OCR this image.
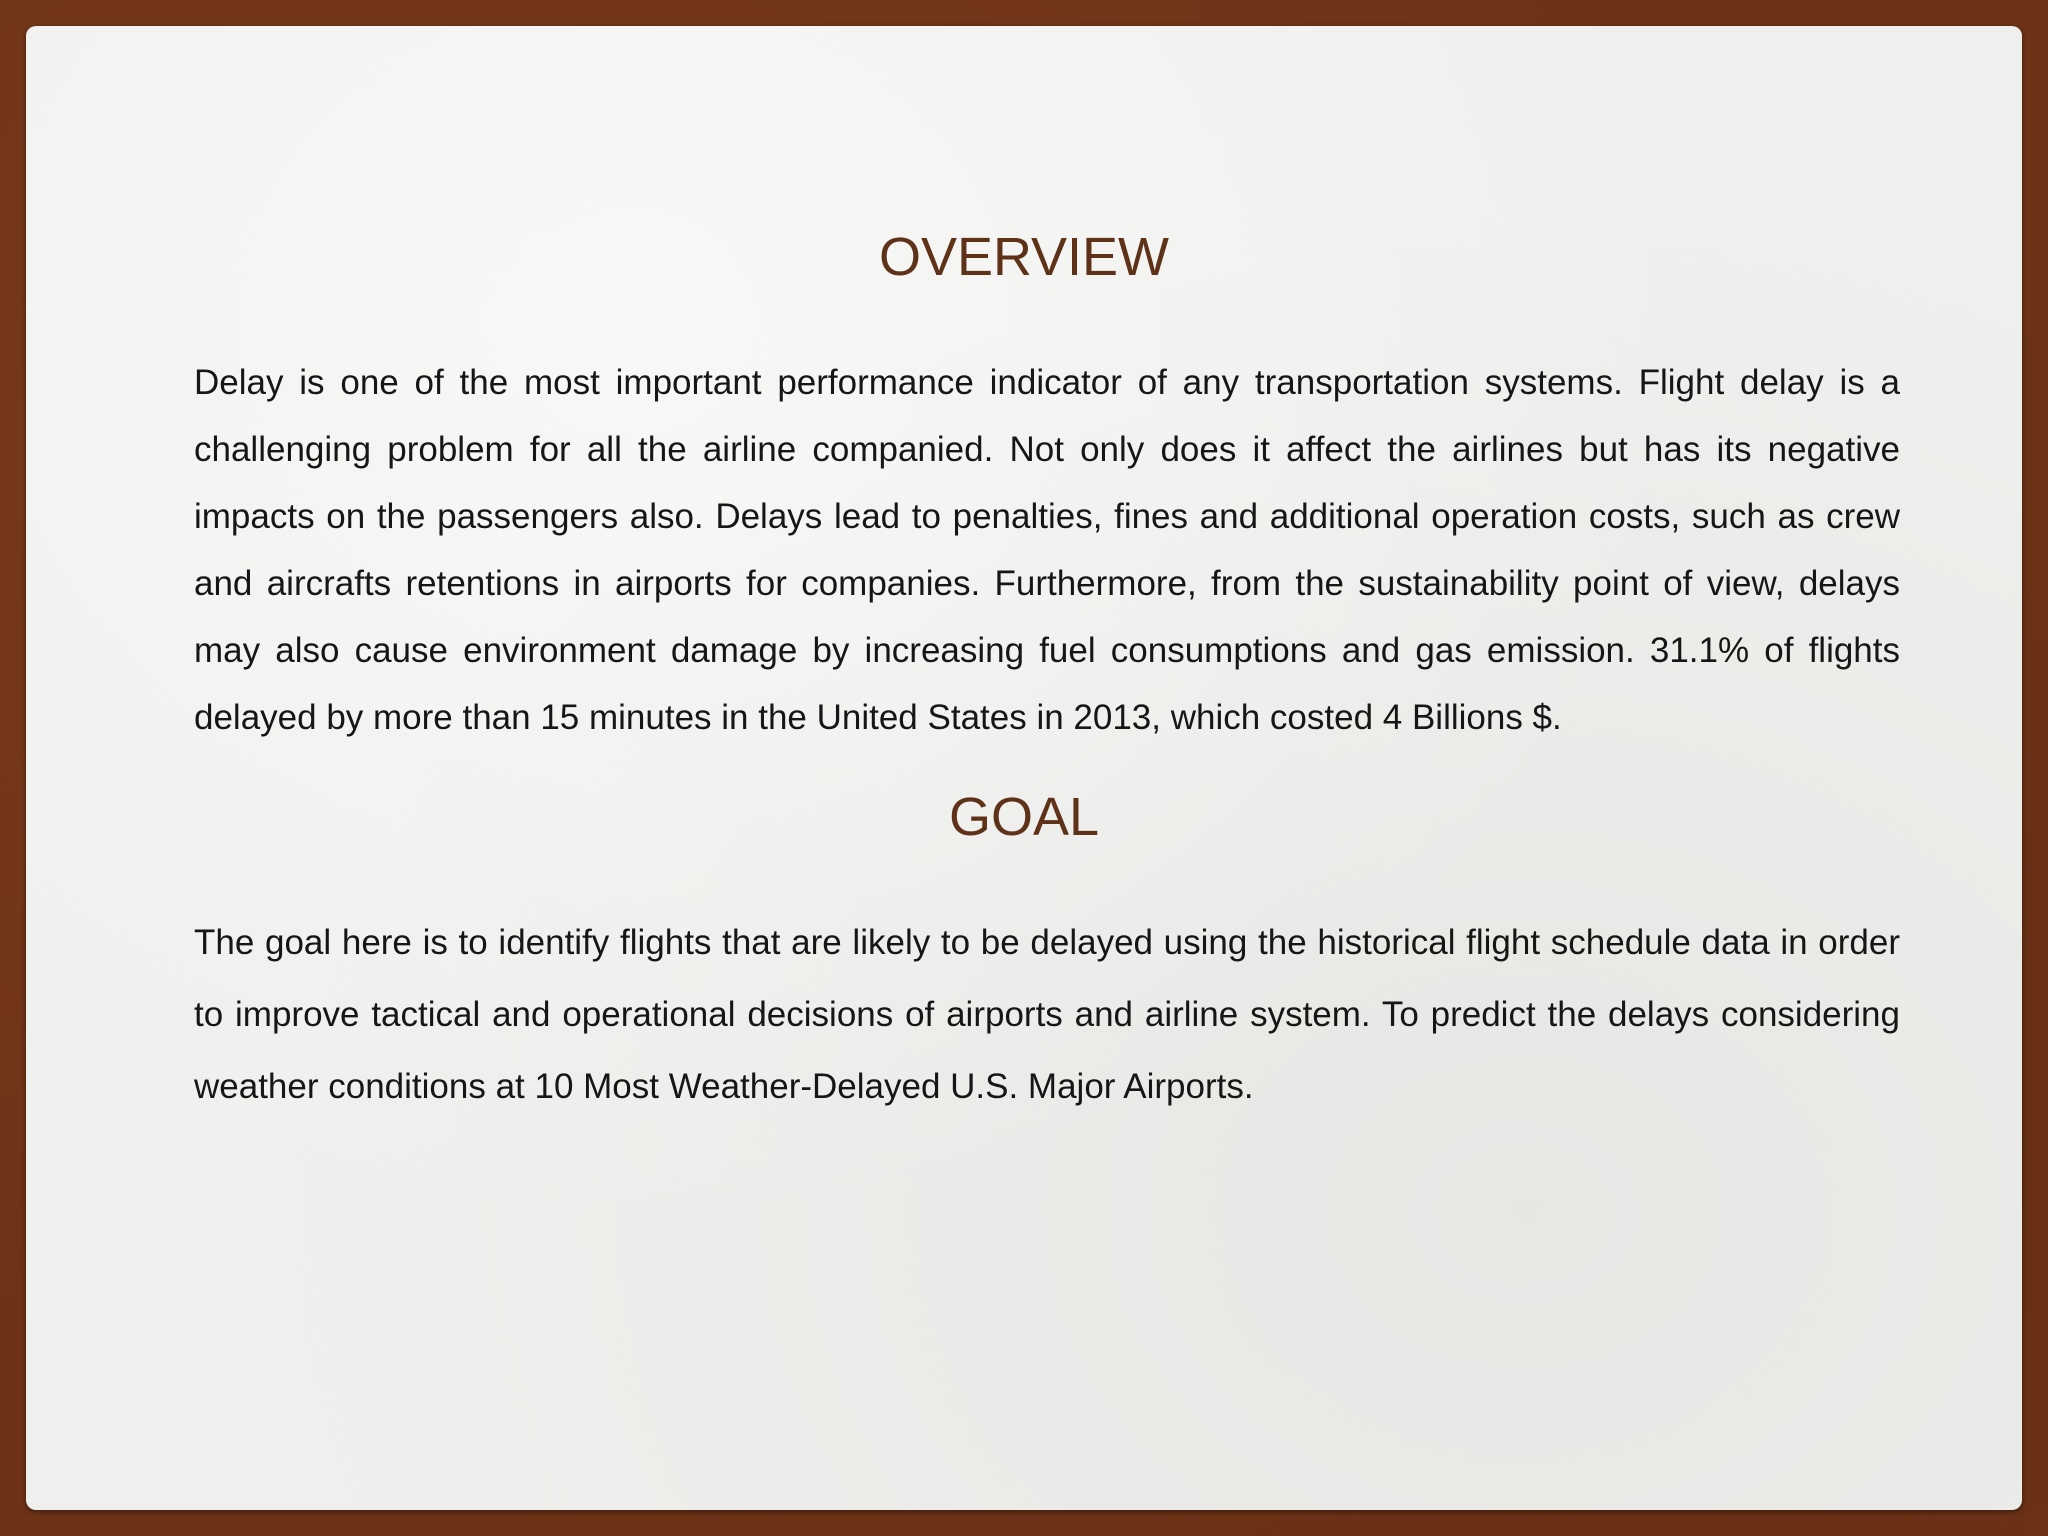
OVERVIEW

Delay is one of the most important performance indicator of any transportation systems. Flight delay is a challenging problem for all the airline companied. Not only does it affect the airlines but has its negative impacts on the passengers also. Delays lead to penalties, fines and additional operation costs, such as crew and aircrafts retentions in airports for companies. Furthermore, from the sustainability point of view, delays may also cause environment damage by increasing fuel consumptions and gas emission. 31.1% of flights delayed by more than 15 minutes in the United States in 2013, which costed 4 Billions $.

GOAL

The goal here is to identify flights that are likely to be delayed using the historical flight schedule data in order to improve tactical and operational decisions of airports and airline system. To predict the delays considering weather conditions at 10 Most Weather-Delayed U.S. Major Airports.
